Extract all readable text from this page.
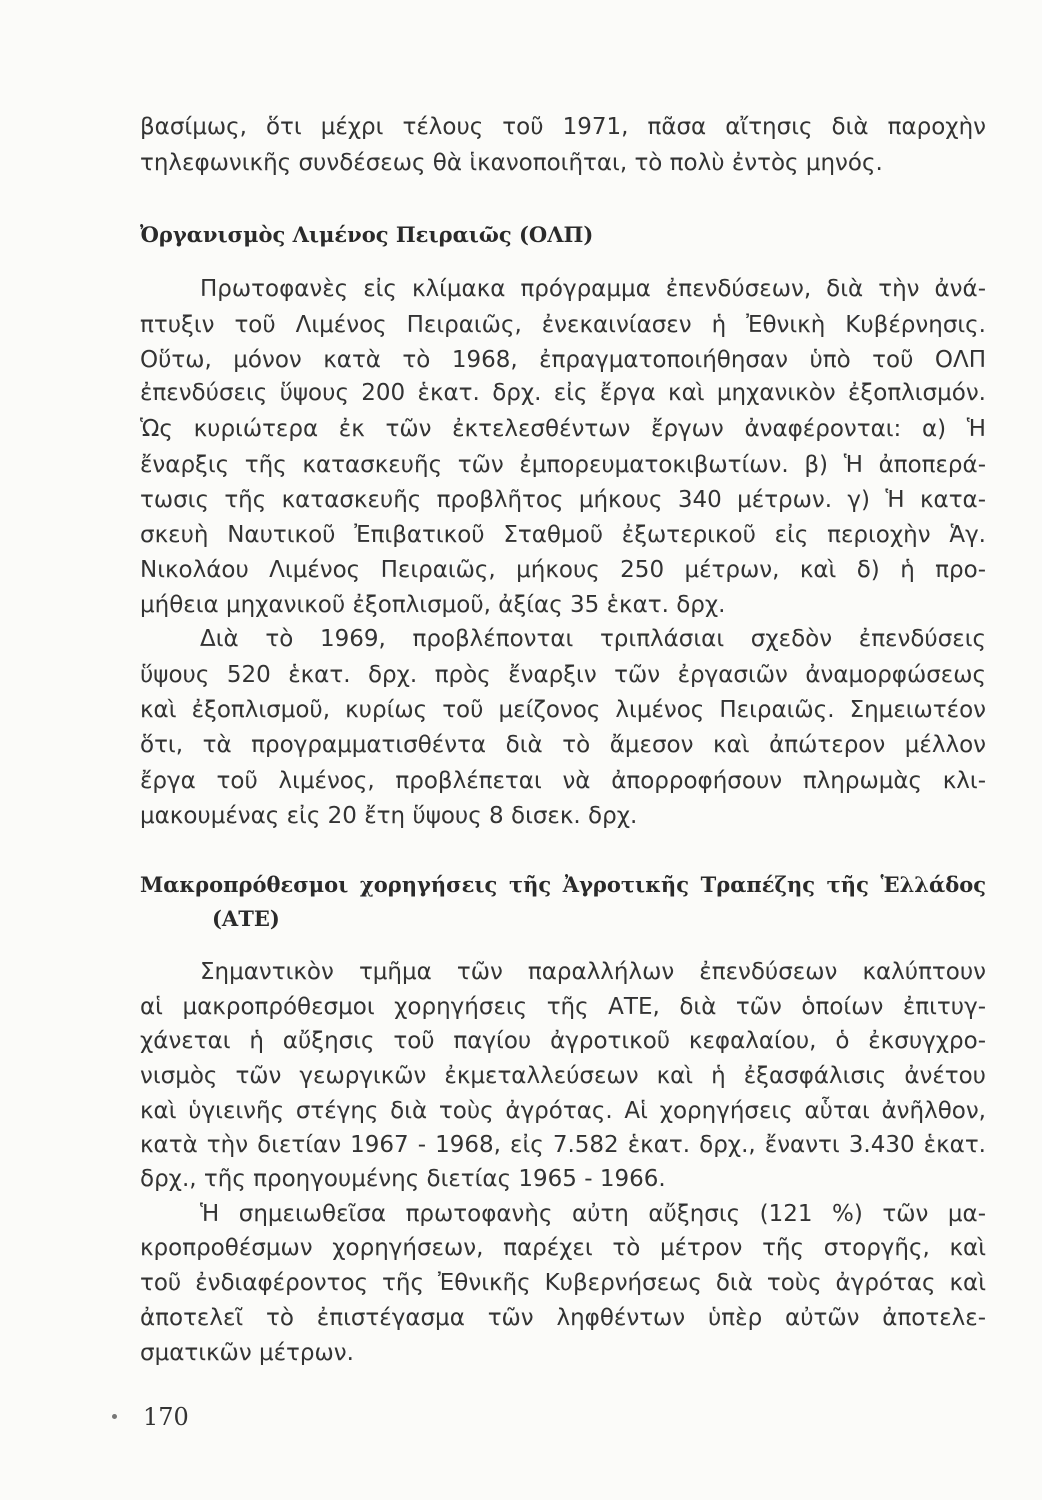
βασίμως, ὅτι μέχρι τέλους τοῦ 1971, πᾶσα αἴτησις διὰ παροχὴν
τηλεφωνικῆς συνδέσεως θὰ ἱκανοποιῆται, τὸ πολὺ ἐντὸς μηνός.
Ὀργανισμὸς Λιμένος Πειραιῶς (ΟΛΠ)
Πρωτοφανὲς εἰς κλίμακα πρόγραμμα ἐπενδύσεων, διὰ τὴν ἀνά-
πτυξιν τοῦ Λιμένος Πειραιῶς, ἐνεκαινίασεν ἡ Ἐθνικὴ Κυβέρνησις.
Οὕτω, μόνον κατὰ τὸ 1968, ἐπραγματοποιήθησαν ὑπὸ τοῦ ΟΛΠ
ἐπενδύσεις ὕψους 200 ἑκατ. δρχ. εἰς ἔργα καὶ μηχανικὸν ἐξοπλισμόν.
Ὡς κυριώτερα ἐκ τῶν ἐκτελεσθέντων ἔργων ἀναφέρονται: α) Ἡ
ἔναρξις τῆς κατασκευῆς τῶν ἐμπορευματοκιβωτίων. β) Ἡ ἀποπερά-
τωσις τῆς κατασκευῆς προβλῆτος μήκους 340 μέτρων. γ) Ἡ κατα-
σκευὴ Ναυτικοῦ Ἐπιβατικοῦ Σταθμοῦ ἐξωτερικοῦ εἰς περιοχὴν Ἁγ.
Νικολάου Λιμένος Πειραιῶς, μήκους 250 μέτρων, καὶ δ) ἡ προ-
μήθεια μηχανικοῦ ἐξοπλισμοῦ, ἀξίας 35 ἑκατ. δρχ.
Διὰ τὸ 1969, προβλέπονται τριπλάσιαι σχεδὸν ἐπενδύσεις
ὕψους 520 ἑκατ. δρχ. πρὸς ἔναρξιν τῶν ἐργασιῶν ἀναμορφώσεως
καὶ ἐξοπλισμοῦ, κυρίως τοῦ μείζονος λιμένος Πειραιῶς. Σημειωτέον
ὅτι, τὰ προγραμματισθέντα διὰ τὸ ἄμεσον καὶ ἀπώτερον μέλλον
ἔργα τοῦ λιμένος, προβλέπεται νὰ ἀπορροφήσουν πληρωμὰς κλι-
μακουμένας εἰς 20 ἔτη ὕψους 8 δισεκ. δρχ.
Μακροπρόθεσμοι χορηγήσεις τῆς Ἀγροτικῆς Τραπέζης τῆς Ἑλλάδος
(ΑΤΕ)
Σημαντικὸν τμῆμα τῶν παραλλήλων ἐπενδύσεων καλύπτουν
αἱ μακροπρόθεσμοι χορηγήσεις τῆς ΑΤΕ, διὰ τῶν ὁποίων ἐπιτυγ-
χάνεται ἡ αὔξησις τοῦ παγίου ἀγροτικοῦ κεφαλαίου, ὁ ἐκσυγχρο-
νισμὸς τῶν γεωργικῶν ἐκμεταλλεύσεων καὶ ἡ ἐξασφάλισις ἀνέτου
καὶ ὑγιεινῆς στέγης διὰ τοὺς ἀγρότας. Αἱ χορηγήσεις αὗται ἀνῆλθον,
κατὰ τὴν διετίαν 1967 - 1968, εἰς 7.582 ἑκατ. δρχ., ἔναντι 3.430 ἑκατ.
δρχ., τῆς προηγουμένης διετίας 1965 - 1966.
Ἡ σημειωθεῖσα πρωτοφανὴς αὐτη αὔξησις (121 %) τῶν μα-
κροπροθέσμων χορηγήσεων, παρέχει τὸ μέτρον τῆς στοργῆς, καὶ
τοῦ ἐνδιαφέροντος τῆς Ἐθνικῆς Κυβερνήσεως διὰ τοὺς ἀγρότας καὶ
ἀποτελεῖ τὸ ἐπιστέγασμα τῶν ληφθέντων ὑπὲρ αὐτῶν ἀποτελε-
σματικῶν μέτρων.
170
